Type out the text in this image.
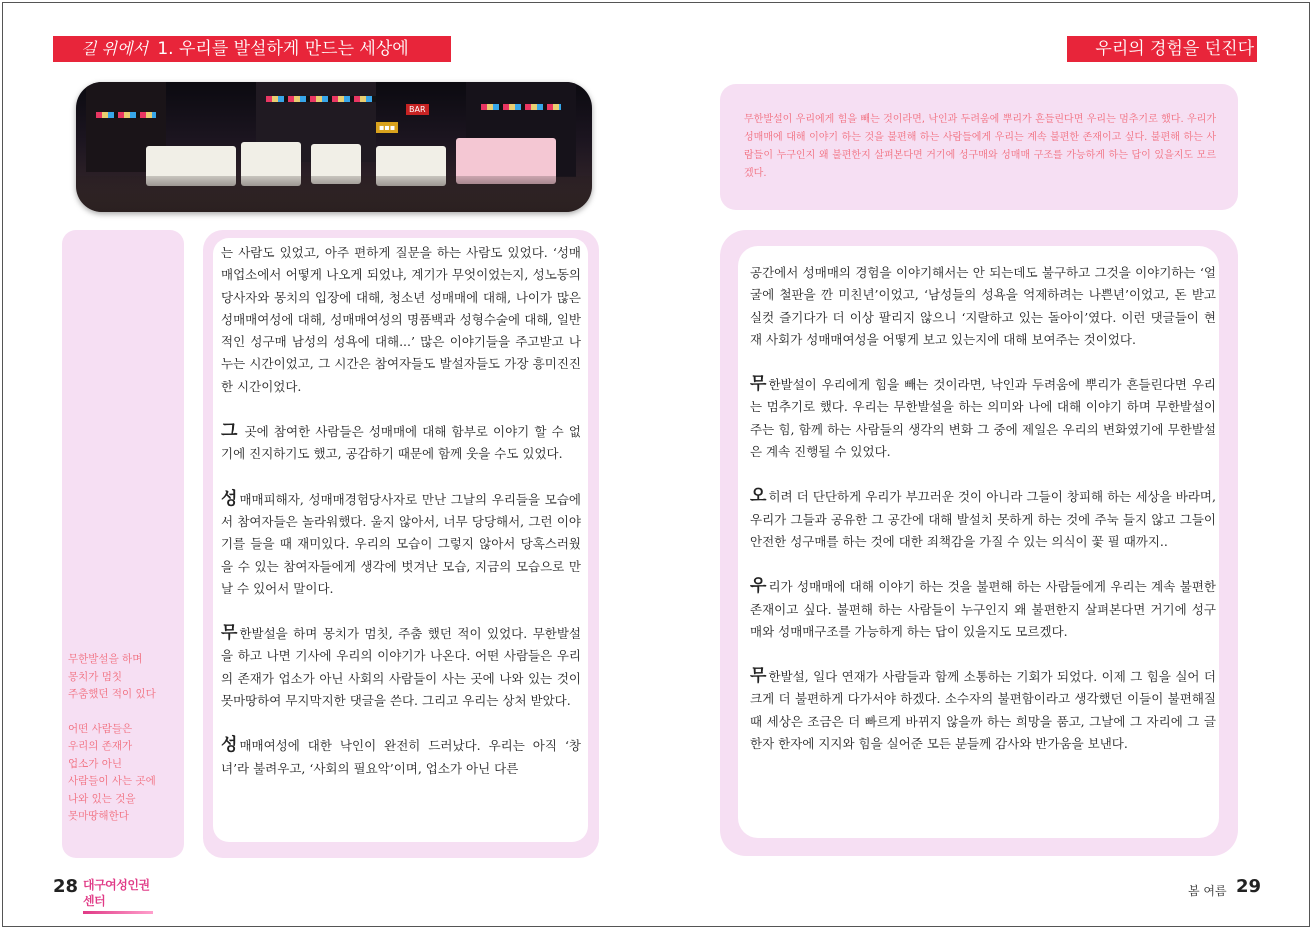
길 위에서 1. 우리를 발설하게 만드는 세상에	우리의 경험을 던진다
BAR
▪▪▪

무한발설을 하며
몽치가 멈칫
주춤했던 적이 있다

어떤 사람들은
우리의 존재가
업소가 아닌
사람들이 사는 곳에
나와 있는 것을
못마땅해한다

는 사람도 있었고, 아주 편하게 질문을 하는 사람도 있었다. ‘성매매업소에서 어떻게 나오게 되었냐, 계기가 무엇이었는지, 성노동의 당사자와 몽치의 입장에 대해, 청소년 성매매에 대해, 나이가 많은 성매매여성에 대해, 성매매여성의 명품백과 성형수술에 대해, 일반적인 성구매 남성의 성욕에 대해...’ 많은 이야기들을 주고받고 나누는 시간이었고, 그 시간은 참여자들도 발설자들도 가장 흥미진진한 시간이었다.

그 곳에 참여한 사람들은 성매매에 대해 함부로 이야기 할 수 없기에 진지하기도 했고, 공감하기 때문에 함께 웃을 수도 있었다.

성 매매피해자, 성매매경험당사자로 만난 그날의 우리들을 모습에서 참여자들은 놀라워했다. 울지 않아서, 너무 당당해서, 그런 이야기를 들을 때 재미있다. 우리의 모습이 그렇지 않아서 당혹스러웠을 수 있는 참여자들에게 생각에 벗겨난 모습, 지금의 모습으로 만날 수 있어서 말이다.

무 한발설을 하며 몽치가 멈칫, 주춤 했던 적이 있었다. 무한발설을 하고 나면 기사에 우리의 이야기가 나온다. 어떤 사람들은 우리의 존재가 업소가 아닌 사회의 사람들이 사는 곳에 나와 있는 것이 못마땅하여 무지막지한 댓글을 쓴다. 그리고 우리는 상처 받았다.

성 매매여성에 대한 낙인이 완전히 드러났다. 우리는 아직 ‘창녀’라 불려우고, ‘사회의 필요악’이며, 업소가 아닌 다른

무한발설이 우리에게 힘을 빼는 것이라면, 낙인과 두려움에 뿌리가 흔들린다면 우리는 멈추기로 했다. 우리가 성매매에 대해 이야기 하는 것을 불편해 하는 사람들에게 우리는 계속 불편한 존재이고 싶다. 불편해 하는 사람들이 누구인지 왜 불편한지 살펴본다면 거기에 성구매와 성매매 구조를 가능하게 하는 답이 있을지도 모르겠다.

공간에서 성매매의 경험을 이야기해서는 안 되는데도 불구하고 그것을 이야기하는 ‘얼굴에 철판을 깐 미친년’이었고, ‘남성들의 성욕을 억제하려는 나쁜년’이었고, 돈 받고 실컷 즐기다가 더 이상 팔리지 않으니 ‘지랄하고 있는 돌아이’였다. 이런 댓글들이 현재 사회가 성매매여성을 어떻게 보고 있는지에 대해 보여주는 것이었다.

무 한발설이 우리에게 힘을 빼는 것이라면, 낙인과 두려움에 뿌리가 흔들린다면 우리는 멈추기로 했다. 우리는 무한발설을 하는 의미와 나에 대해 이야기 하며 무한발설이 주는 힘, 함께 하는 사람들의 생각의 변화 그 중에 제일은 우리의 변화였기에 무한발설은 계속 진행될 수 있었다.

오 히려 더 단단하게 우리가 부끄러운 것이 아니라 그들이 창피해 하는 세상을 바라며, 우리가 그들과 공유한 그 공간에 대해 발설치 못하게 하는 것에 주눅 들지 않고 그들이 안전한 성구매를 하는 것에 대한 죄책감을 가질 수 있는 의식이 꽃 필 때까지..

우 리가 성매매에 대해 이야기 하는 것을 불편해 하는 사람들에게 우리는 계속 불편한 존재이고 싶다. 불편해 하는 사람들이 누구인지 왜 불편한지 살펴본다면 거기에 성구매와 성매매구조를 가능하게 하는 답이 있을지도 모르겠다.

무 한발설, 일다 연재가 사람들과 함께 소통하는 기회가 되었다. 이제 그 힘을 실어 더 크게 더 불편하게 다가서야 하겠다. 소수자의 불편함이라고 생각했던 이들이 불편해질 때 세상은 조금은 더 빠르게 바뀌지 않을까 하는 희망을 품고, 그날에 그 자리에 그 글 한자 한자에 지지와 힘을 실어준 모든 분들께 감사와 반가움을 보낸다.

28 대구여성인권센터
봄 여름 29
